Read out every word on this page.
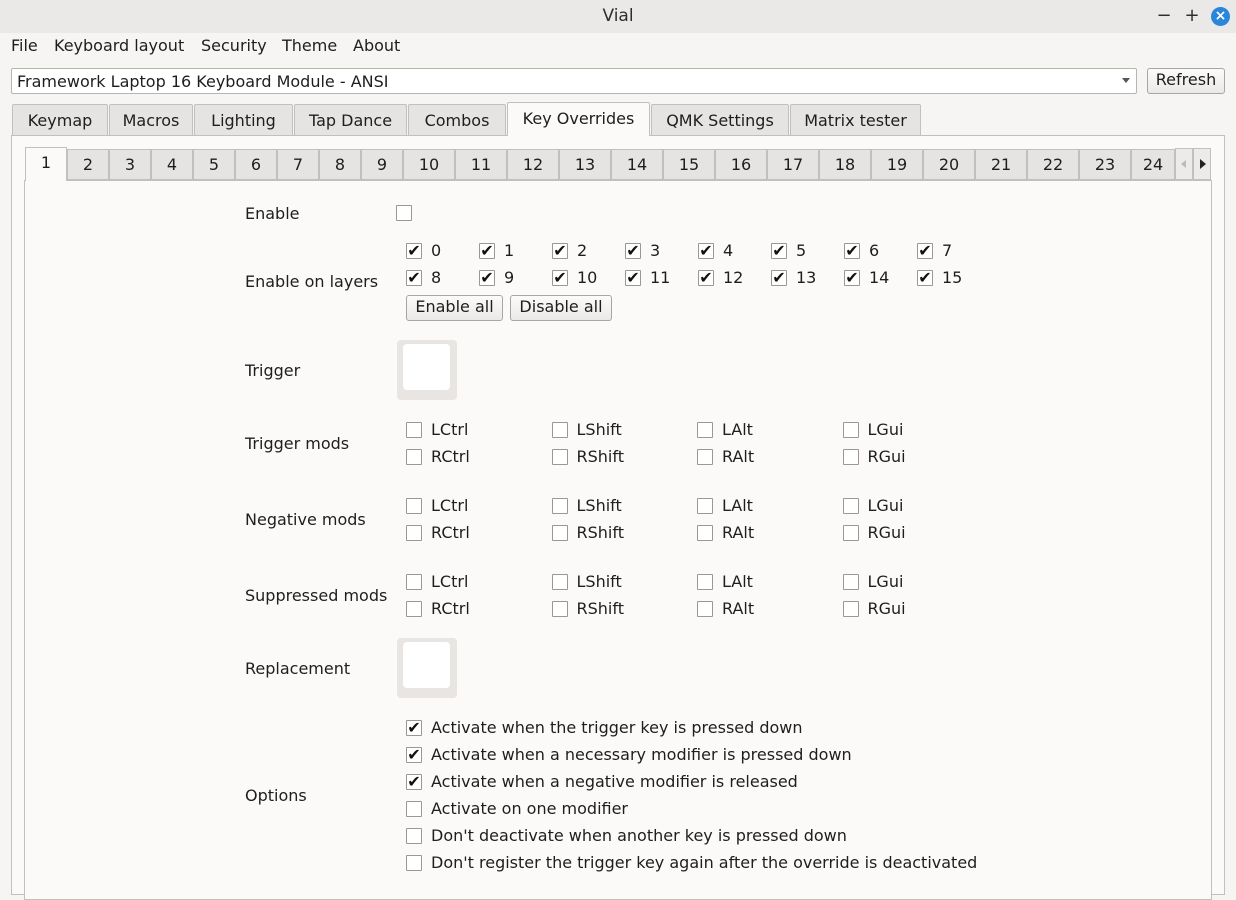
Vial	− + ×
File Keyboard layout Security Theme About
Framework Laptop 16 Keyboard Module - ANSI	Refresh
Keymap	Macros	Lighting	Tap Dance	Combos	Key Overrides	QMK Settings	Matrix tester
1	2	3	4	5	6	7	8	9	10	11	12	13	14	15	16	17	18	19	20	21	22	23	24
Enable
Enable on layers
✔ 0 ✔ 1 ✔ 2 ✔ 3 ✔ 4 ✔ 5 ✔ 6 ✔ 7
✔ 8 ✔ 9 ✔ 10 ✔ 11 ✔ 12 ✔ 13 ✔ 14 ✔ 15
Enable all	Disable all
Trigger
Trigger mods
LCtrl	LShift	LAlt	LGui
RCtrl	RShift	RAlt	RGui
Negative mods
LCtrl	LShift	LAlt	LGui
RCtrl	RShift	RAlt	RGui
Suppressed mods
LCtrl	LShift	LAlt	LGui
RCtrl	RShift	RAlt	RGui
Replacement
Options
✔ Activate when the trigger key is pressed down
✔ Activate when a necessary modifier is pressed down
✔ Activate when a negative modifier is released
Activate on one modifier
Don't deactivate when another key is pressed down
Don't register the trigger key again after the override is deactivated
